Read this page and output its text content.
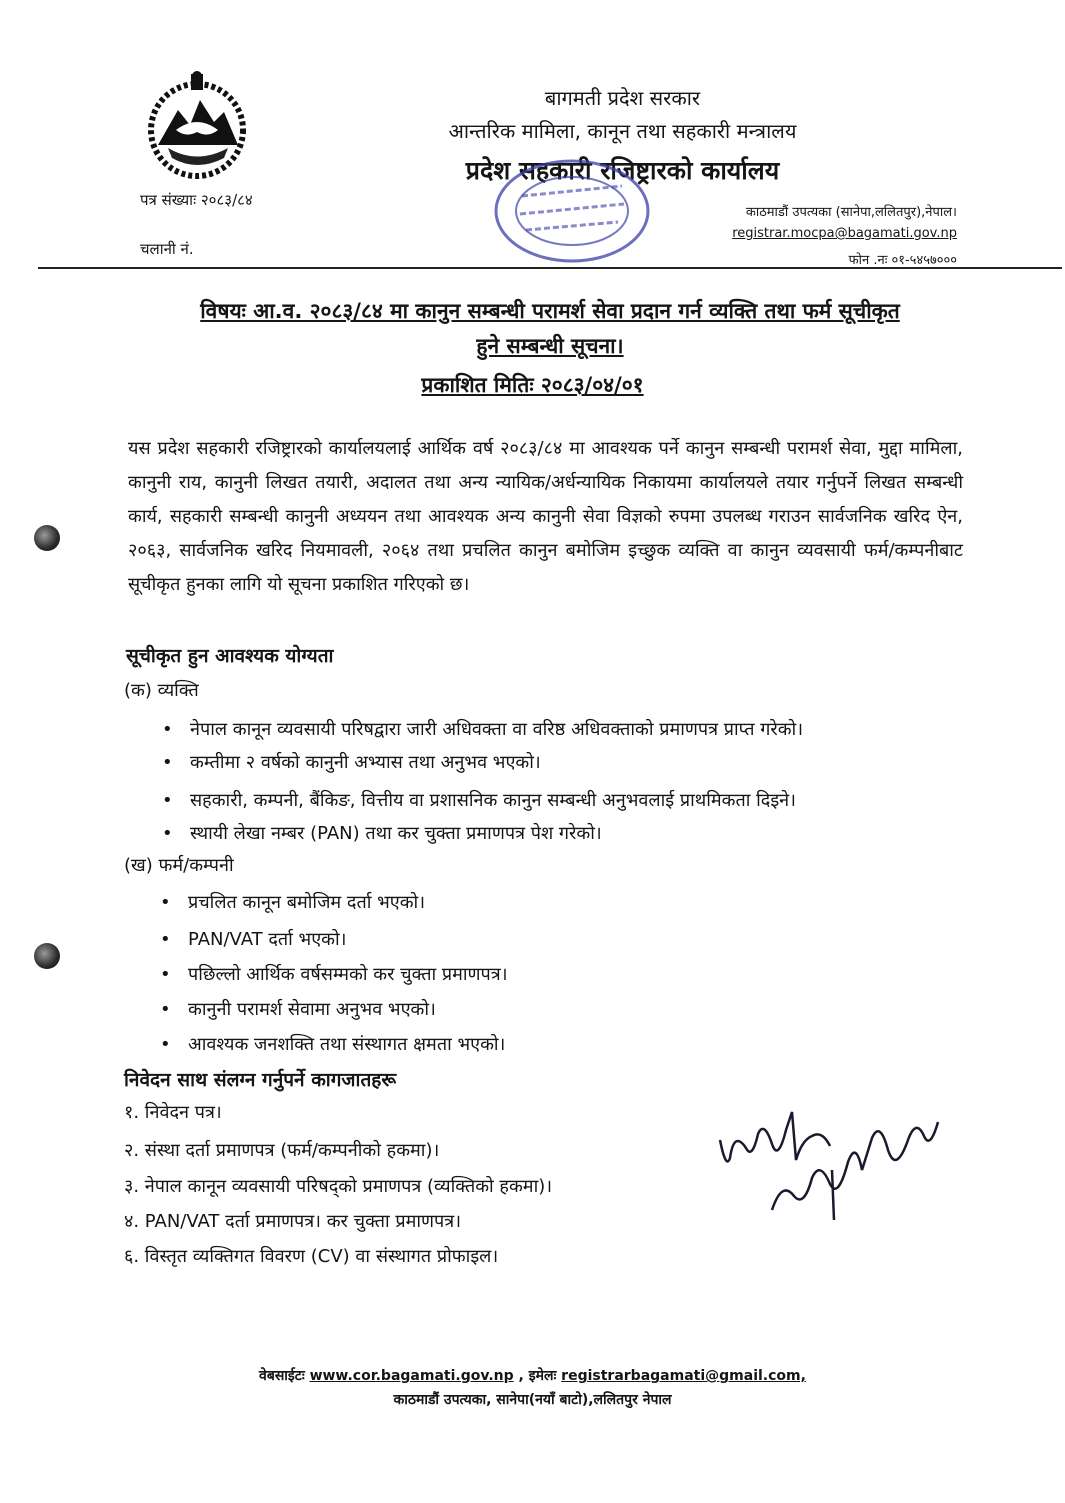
बागमती प्रदेश सरकार
आन्तरिक मामिला, कानून तथा सहकारी मन्त्रालय
प्रदेश सहकारी रजिष्ट्रारको कार्यालय
पत्र संख्याः २०८३/८४
चलानी नं.
काठमाडौं उपत्यका (सानेपा,ललितपुर),नेपाल।
registrar.mocpa@bagamati.gov.np
फोन .नः ०१-५४५७०००
विषयः आ.व. २०८३/८४ मा कानुन सम्बन्धी परामर्श सेवा प्रदान गर्न व्यक्ति तथा फर्म सूचीकृत
हुने सम्बन्धी सूचना।
प्रकाशित मितिः २०८३/०४/०१
यस प्रदेश सहकारी रजिष्ट्रारको कार्यालयलाई आर्थिक वर्ष २०८३/८४ मा आवश्यक पर्ने कानुन सम्बन्धी परामर्श सेवा, मुद्दा मामिला, कानुनी राय, कानुनी लिखत तयारी, अदालत तथा अन्य न्यायिक/अर्धन्यायिक निकायमा कार्यालयले तयार गर्नुपर्ने लिखत सम्बन्धी कार्य, सहकारी सम्बन्धी कानुनी अध्ययन तथा आवश्यक अन्य कानुनी सेवा विज्ञको रुपमा उपलब्ध गराउन सार्वजनिक खरिद ऐन, २०६३, सार्वजनिक खरिद नियमावली, २०६४ तथा प्रचलित कानुन बमोजिम इच्छुक व्यक्ति वा कानुन व्यवसायी फर्म/कम्पनीबाट सूचीकृत हुनका लागि यो सूचना प्रकाशित गरिएको छ।
सूचीकृत हुन आवश्यक योग्यता
(क) व्यक्ति
• नेपाल कानून व्यवसायी परिषद्वारा जारी अधिवक्ता वा वरिष्ठ अधिवक्ताको प्रमाणपत्र प्राप्त गरेको।
• कम्तीमा २ वर्षको कानुनी अभ्यास तथा अनुभव भएको।
• सहकारी, कम्पनी, बैंकिङ, वित्तीय वा प्रशासनिक कानुन सम्बन्धी अनुभवलाई प्राथमिकता दिइने।
• स्थायी लेखा नम्बर (PAN) तथा कर चुक्ता प्रमाणपत्र पेश गरेको।
(ख) फर्म/कम्पनी
• प्रचलित कानून बमोजिम दर्ता भएको।
• PAN/VAT दर्ता भएको।
• पछिल्लो आर्थिक वर्षसम्मको कर चुक्ता प्रमाणपत्र।
• कानुनी परामर्श सेवामा अनुभव भएको।
• आवश्यक जनशक्ति तथा संस्थागत क्षमता भएको।
निवेदन साथ संलग्न गर्नुपर्ने कागजातहरू
१. निवेदन पत्र।
२. संस्था दर्ता प्रमाणपत्र (फर्म/कम्पनीको हकमा)।
३. नेपाल कानून व्यवसायी परिषद्को प्रमाणपत्र (व्यक्तिको हकमा)।
४. PAN/VAT दर्ता प्रमाणपत्र। कर चुक्ता प्रमाणपत्र।
६. विस्तृत व्यक्तिगत विवरण (CV) वा संस्थागत प्रोफाइल।
वेबसाईटः www.cor.bagamati.gov.np , इमेलः registrarbagamati@gmail.com,
काठमाडौं उपत्यका, सानेपा(नयाँ बाटो),ललितपुर नेपाल
